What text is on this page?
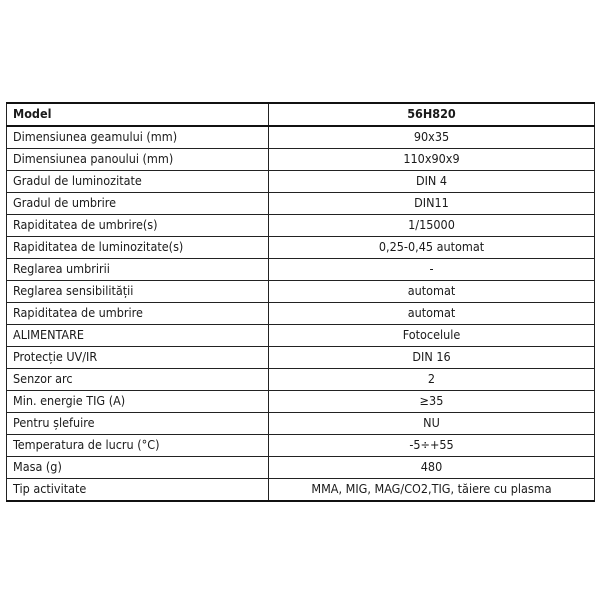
Model	56H820
Dimensiunea geamului (mm)	90x35
Dimensiunea panoului (mm)	110x90x9
Gradul de luminozitate	DIN 4
Gradul de umbrire	DIN11
Rapiditatea de umbrire(s)	1/15000
Rapiditatea de luminozitate(s)	0,25-0,45 automat
Reglarea umbririi	-
Reglarea sensibilității	automat
Rapiditatea de umbrire	automat
ALIMENTARE	Fotocelule
Protecție UV/IR	DIN 16
Senzor arc	2
Min. energie TIG (A)	≥35
Pentru șlefuire	NU
Temperatura de lucru (°C)	-5÷+55
Masa (g)	480
Tip activitate	MMA, MIG, MAG/CO2,TIG, tăiere cu plasma
